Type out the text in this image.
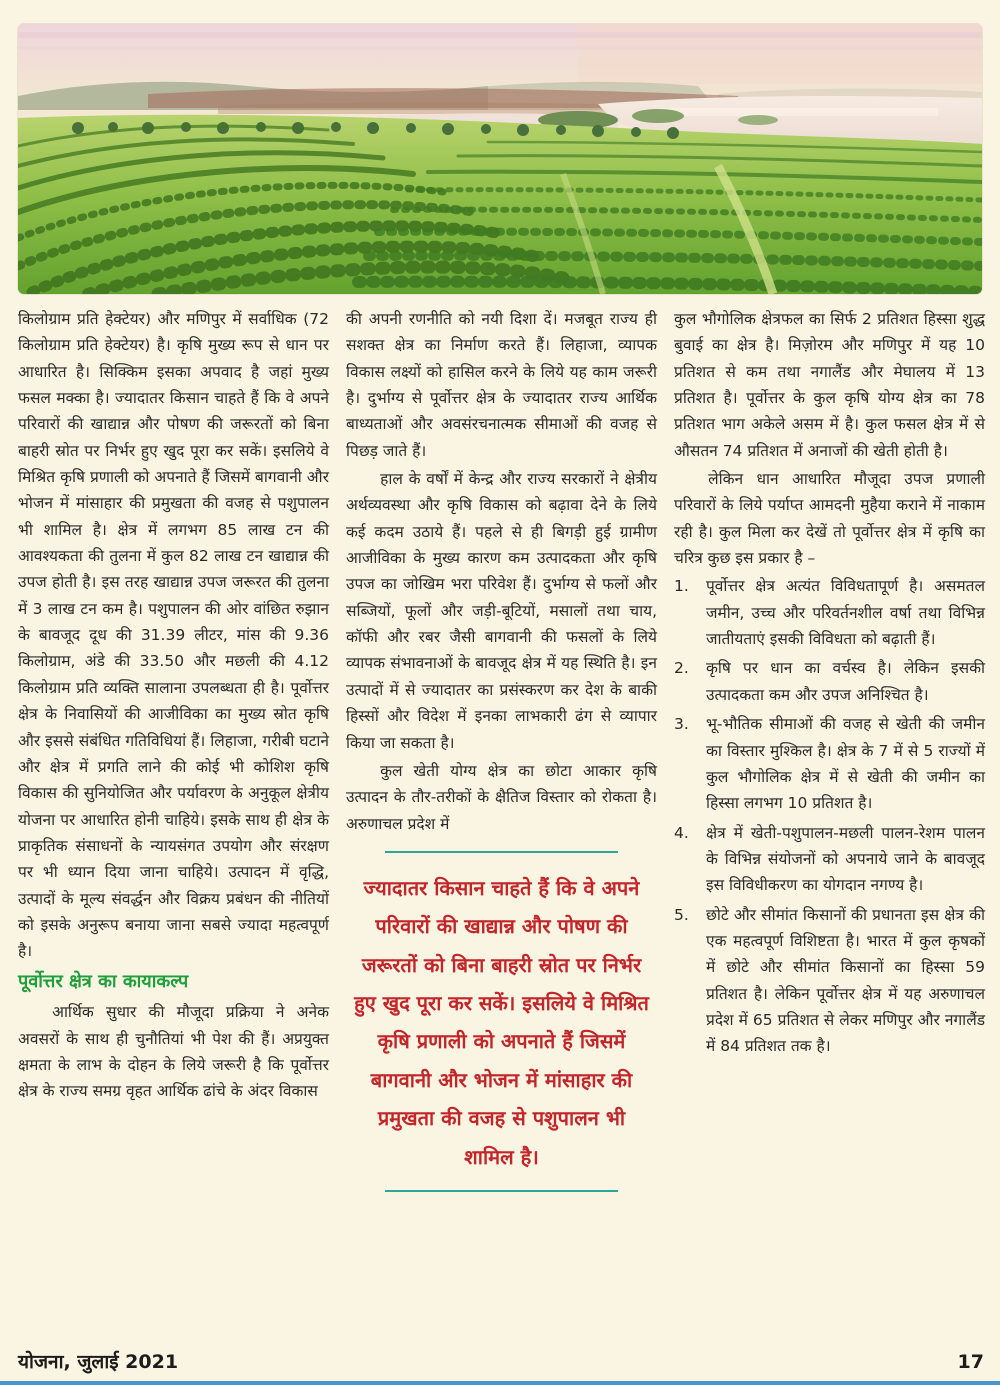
किलोग्राम प्रति हेक्टेयर) और मणिपुर में सर्वाधिक (72 किलोग्राम प्रति हेक्टेयर) है। कृषि मुख्य रूप से धान पर आधारित है। सिक्किम इसका अपवाद है जहां मुख्य फसल मक्का है। ज्यादातर किसान चाहते हैं कि वे अपने परिवारों की खाद्यान्न और पोषण की जरूरतों को बिना बाहरी स्रोत पर निर्भर हुए खुद पूरा कर सकें। इसलिये वे मिश्रित कृषि प्रणाली को अपनाते हैं जिसमें बागवानी और भोजन में मांसाहार की प्रमुखता की वजह से पशुपालन भी शामिल है। क्षेत्र में लगभग 85 लाख टन की आवश्यकता की तुलना में कुल 82 लाख टन खाद्यान्न की उपज होती है। इस तरह खाद्यान्न उपज जरूरत की तुलना में 3 लाख टन कम है। पशुपालन की ओर वांछित रुझान के बावजूद दूध की 31.39 लीटर, मांस की 9.36 किलोग्राम, अंडे की 33.50 और मछली की 4.12 किलोग्राम प्रति व्यक्ति सालाना उपलब्धता ही है। पूर्वोत्तर क्षेत्र के निवासियों की आजीविका का मुख्य स्रोत कृषि और इससे संबंधित गतिविधियां हैं। लिहाजा, गरीबी घटाने और क्षेत्र में प्रगति लाने की कोई भी कोशिश कृषि विकास की सुनियोजित और पर्यावरण के अनुकूल क्षेत्रीय योजना पर आधारित होनी चाहिये। इसके साथ ही क्षेत्र के प्राकृतिक संसाधनों के न्यायसंगत उपयोग और संरक्षण पर भी ध्यान दिया जाना चाहिये। उत्पादन में वृद्धि, उत्पादों के मूल्य संवर्द्धन और विक्रय प्रबंधन की नीतियों को इसके अनुरूप बनाया जाना सबसे ज्यादा महत्वपूर्ण है।

पूर्वोत्तर क्षेत्र का कायाकल्प

आर्थिक सुधार की मौजूदा प्रक्रिया ने अनेक अवसरों के साथ ही चुनौतियां भी पेश की हैं। अप्रयुक्त क्षमता के लाभ के दोहन के लिये जरूरी है कि पूर्वोत्तर क्षेत्र के राज्य समग्र वृहत आर्थिक ढांचे के अंदर विकास

की अपनी रणनीति को नयी दिशा दें। मजबूत राज्य ही सशक्त क्षेत्र का निर्माण करते हैं। लिहाजा, व्यापक विकास लक्ष्यों को हासिल करने के लिये यह काम जरूरी है। दुर्भाग्य से पूर्वोत्तर क्षेत्र के ज्यादातर राज्य आर्थिक बाध्यताओं और अवसंरचनात्मक सीमाओं की वजह से पिछड़ जाते हैं।

हाल के वर्षों में केन्द्र और राज्य सरकारों ने क्षेत्रीय अर्थव्यवस्था और कृषि विकास को बढ़ावा देने के लिये कई कदम उठाये हैं। पहले से ही बिगड़ी हुई ग्रामीण आजीविका के मुख्य कारण कम उत्पादकता और कृषि उपज का जोखिम भरा परिवेश हैं। दुर्भाग्य से फलों और सब्जियों, फूलों और जड़ी-बूटियों, मसालों तथा चाय, कॉफी और रबर जैसी बागवानी की फसलों के लिये व्यापक संभावनाओं के बावजूद क्षेत्र में यह स्थिति है। इन उत्पादों में से ज्यादातर का प्रसंस्करण कर देश के बाकी हिस्सों और विदेश में इनका लाभकारी ढंग से व्यापार किया जा सकता है।

कुल खेती योग्य क्षेत्र का छोटा आकार कृषि उत्पादन के तौर-तरीकों के क्षैतिज विस्तार को रोकता है। अरुणाचल प्रदेश में

ज्यादातर किसान चाहते हैं कि वे अपने परिवारों की खाद्यान्न और पोषण की जरूरतों को बिना बाहरी स्रोत पर निर्भर हुए खुद पूरा कर सकें। इसलिये वे मिश्रित कृषि प्रणाली को अपनाते हैं जिसमें बागवानी और भोजन में मांसाहार की प्रमुखता की वजह से पशुपालन भी शामिल है।

कुल भौगोलिक क्षेत्रफल का सिर्फ 2 प्रतिशत हिस्सा शुद्ध बुवाई का क्षेत्र है। मिज़ोरम और मणिपुर में यह 10 प्रतिशत से कम तथा नगालैंड और मेघालय में 13 प्रतिशत है। पूर्वोत्तर के कुल कृषि योग्य क्षेत्र का 78 प्रतिशत भाग अकेले असम में है। कुल फसल क्षेत्र में से औसतन 74 प्रतिशत में अनाजों की खेती होती है।

लेकिन धान आधारित मौजूदा उपज प्रणाली परिवारों के लिये पर्याप्त आमदनी मुहैया कराने में नाकाम रही है। कुल मिला कर देखें तो पूर्वोत्तर क्षेत्र में कृषि का चरित्र कुछ इस प्रकार है –

1.	पूर्वोत्तर क्षेत्र अत्यंत विविधतापूर्ण है। असमतल जमीन, उच्च और परिवर्तनशील वर्षा तथा विभिन्न जातीयताएं इसकी विविधता को बढ़ाती हैं।
2.	कृषि पर धान का वर्चस्व है। लेकिन इसकी उत्पादकता कम और उपज अनिश्चित है।
3.	भू-भौतिक सीमाओं की वजह से खेती की जमीन का विस्तार मुश्किल है। क्षेत्र के 7 में से 5 राज्यों में कुल भौगोलिक क्षेत्र में से खेती की जमीन का हिस्सा लगभग 10 प्रतिशत है।
4.	क्षेत्र में खेती-पशुपालन-मछली पालन-रेशम पालन के विभिन्न संयोजनों को अपनाये जाने के बावजूद इस विविधीकरण का योगदान नगण्य है।
5.	छोटे और सीमांत किसानों की प्रधानता इस क्षेत्र की एक महत्वपूर्ण विशिष्टता है। भारत में कुल कृषकों में छोटे और सीमांत किसानों का हिस्सा 59 प्रतिशत है। लेकिन पूर्वोत्तर क्षेत्र में यह अरुणाचल प्रदेश में 65 प्रतिशत से लेकर मणिपुर और नगालैंड में 84 प्रतिशत तक है।
योजना, जुलाई 2021	17
